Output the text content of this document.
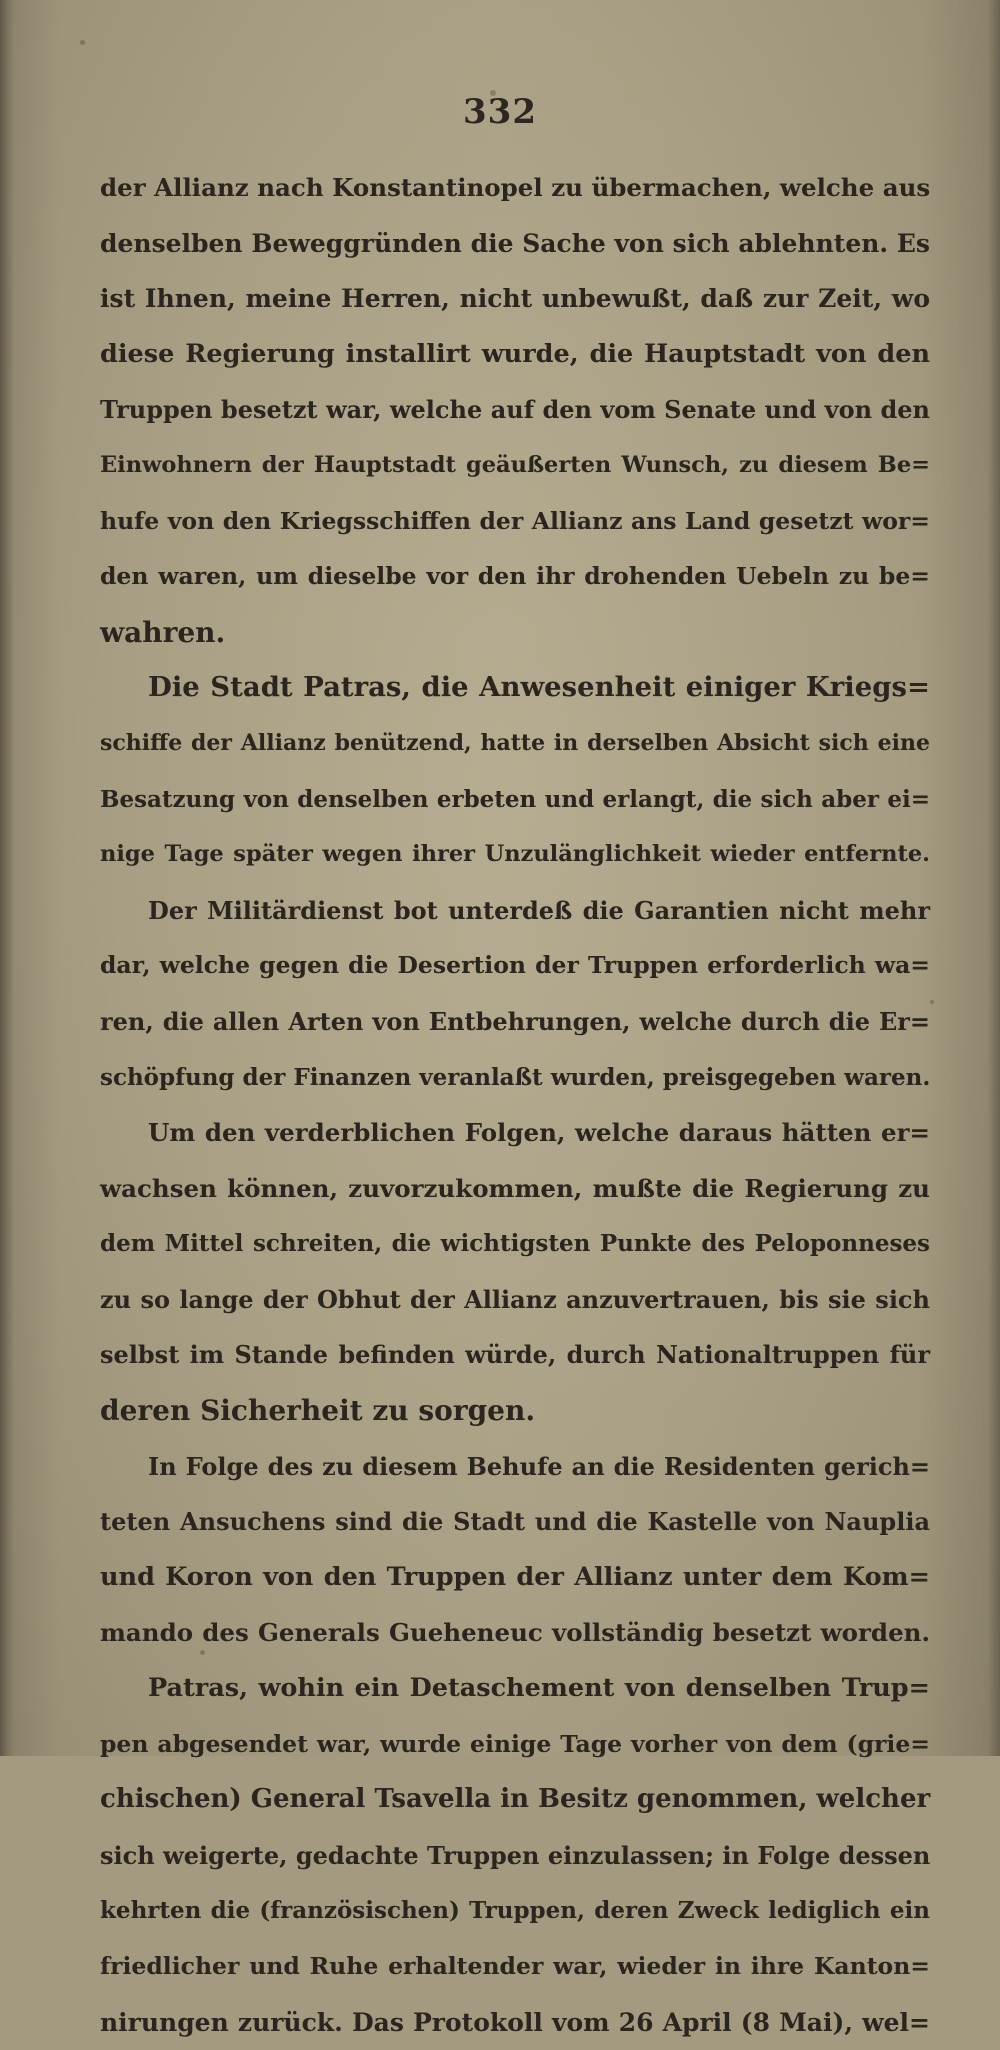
332
der Allianz nach Konstantinopel zu übermachen, welche aus
denselben Beweggründen die Sache von sich ablehnten. Es
ist Ihnen, meine Herren, nicht unbewußt, daß zur Zeit, wo
diese Regierung installirt wurde, die Hauptstadt von den
Truppen besetzt war, welche auf den vom Senate und von den
Einwohnern der Hauptstadt geäußerten Wunsch, zu diesem Be=
hufe von den Kriegsschiffen der Allianz ans Land gesetzt wor=
den waren, um dieselbe vor den ihr drohenden Uebeln zu be=
wahren.
Die Stadt Patras, die Anwesenheit einiger Kriegs=
schiffe der Allianz benützend, hatte in derselben Absicht sich eine
Besatzung von denselben erbeten und erlangt, die sich aber ei=
nige Tage später wegen ihrer Unzulänglichkeit wieder entfernte.
Der Militärdienst bot unterdeß die Garantien nicht mehr
dar, welche gegen die Desertion der Truppen erforderlich wa=
ren, die allen Arten von Entbehrungen, welche durch die Er=
schöpfung der Finanzen veranlaßt wurden, preisgegeben waren.
Um den verderblichen Folgen, welche daraus hätten er=
wachsen können, zuvorzukommen, mußte die Regierung zu
dem Mittel schreiten, die wichtigsten Punkte des Peloponneses
zu so lange der Obhut der Allianz anzuvertrauen, bis sie sich
selbst im Stande befinden würde, durch Nationaltruppen für
deren Sicherheit zu sorgen.
In Folge des zu diesem Behufe an die Residenten gerich=
teten Ansuchens sind die Stadt und die Kastelle von Nauplia
und Koron von den Truppen der Allianz unter dem Kom=
mando des Generals Gueheneuc vollständig besetzt worden.
Patras, wohin ein Detaschement von denselben Trup=
pen abgesendet war, wurde einige Tage vorher von dem (grie=
chischen) General Tsavella in Besitz genommen, welcher
sich weigerte, gedachte Truppen einzulassen; in Folge dessen
kehrten die (französischen) Truppen, deren Zweck lediglich ein
friedlicher und Ruhe erhaltender war, wieder in ihre Kanton=
nirungen zurück. Das Protokoll vom 26 April (8 Mai), wel=
